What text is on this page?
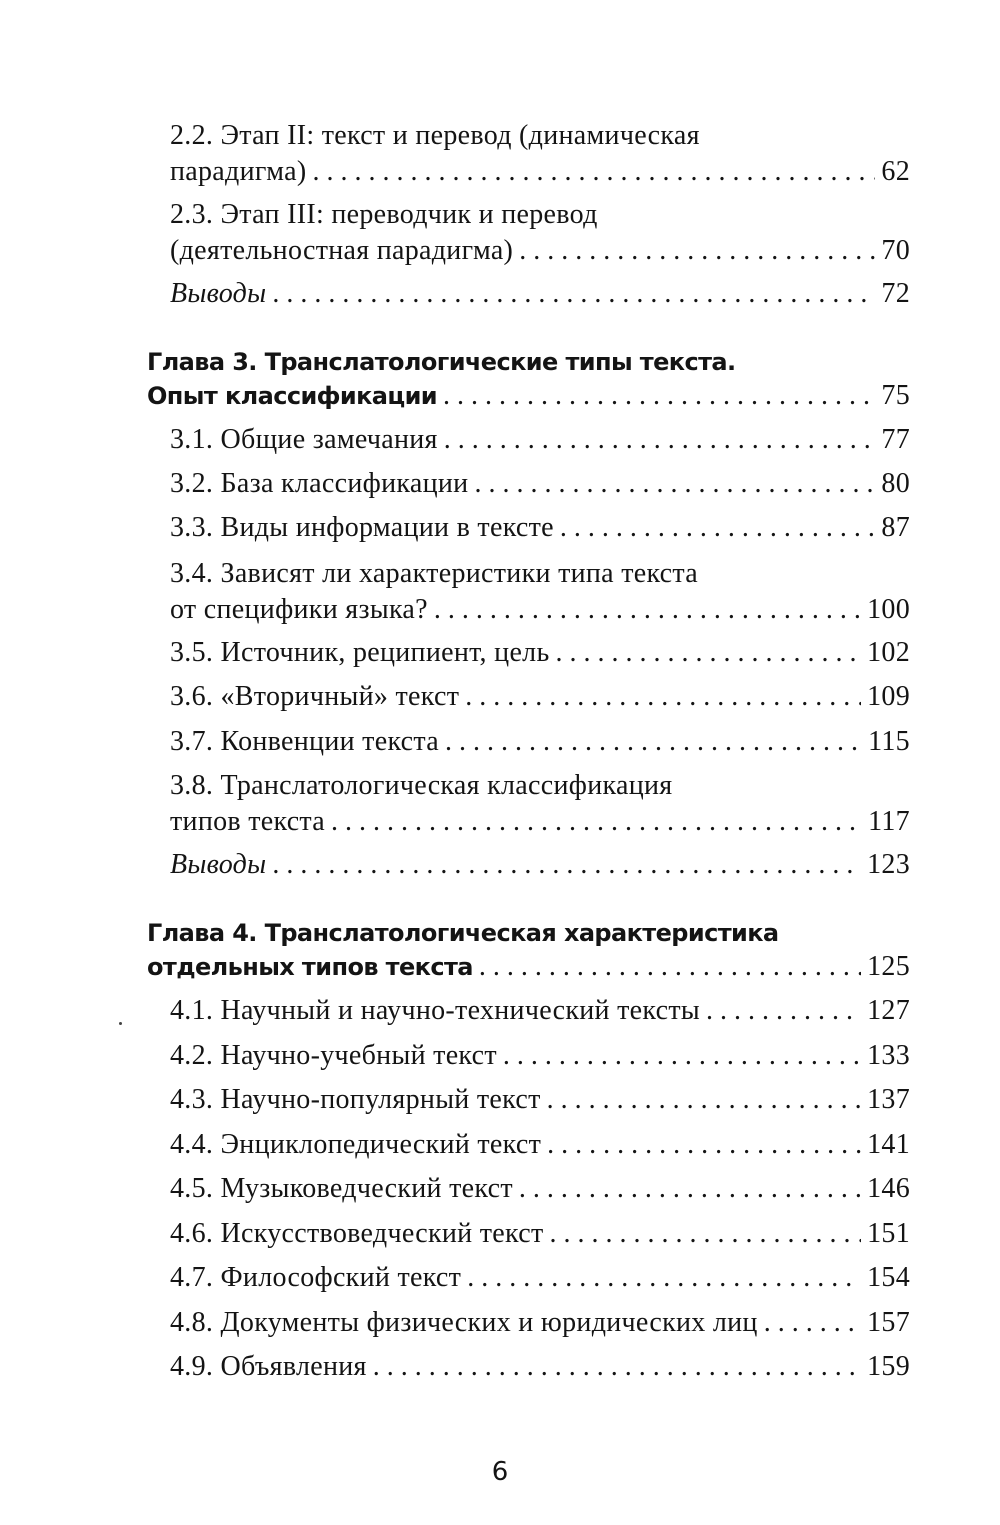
2.2. Этап II: текст и перевод (динамическая
парадигма) . . .	62
2.3. Этап III: переводчик и перевод
(деятельностная парадигма) . . .	70
Выводы . . .	72
Глава 3. Транслатологические типы текста.
Опыт классификации . . .	75
3.1. Общие замечания . . .	77
3.2. База классификации . . .	80
3.3. Виды информации в тексте . . .	87
3.4. Зависят ли характеристики типа текста
от специфики языка? . . .	100
3.5. Источник, реципиент, цель . . .	102
3.6. «Вторичный» текст . . .	109
3.7. Конвенции текста . . .	115
3.8. Транслатологическая классификация
типов текста . . .	117
Выводы . . .	123
Глава 4. Транслатологическая характеристика
отдельных типов текста . . .	125
4.1. Научный и научно-технический тексты . . .	127
4.2. Научно-учебный текст . . .	133
4.3. Научно-популярный текст . . .	137
4.4. Энциклопедический текст . . .	141
4.5. Музыковедческий текст . . .	146
4.6. Искусствоведческий текст . . .	151
4.7. Философский текст . . .	154
4.8. Документы физических и юридических лиц . . .	157
4.9. Объявления . . .	159
6
